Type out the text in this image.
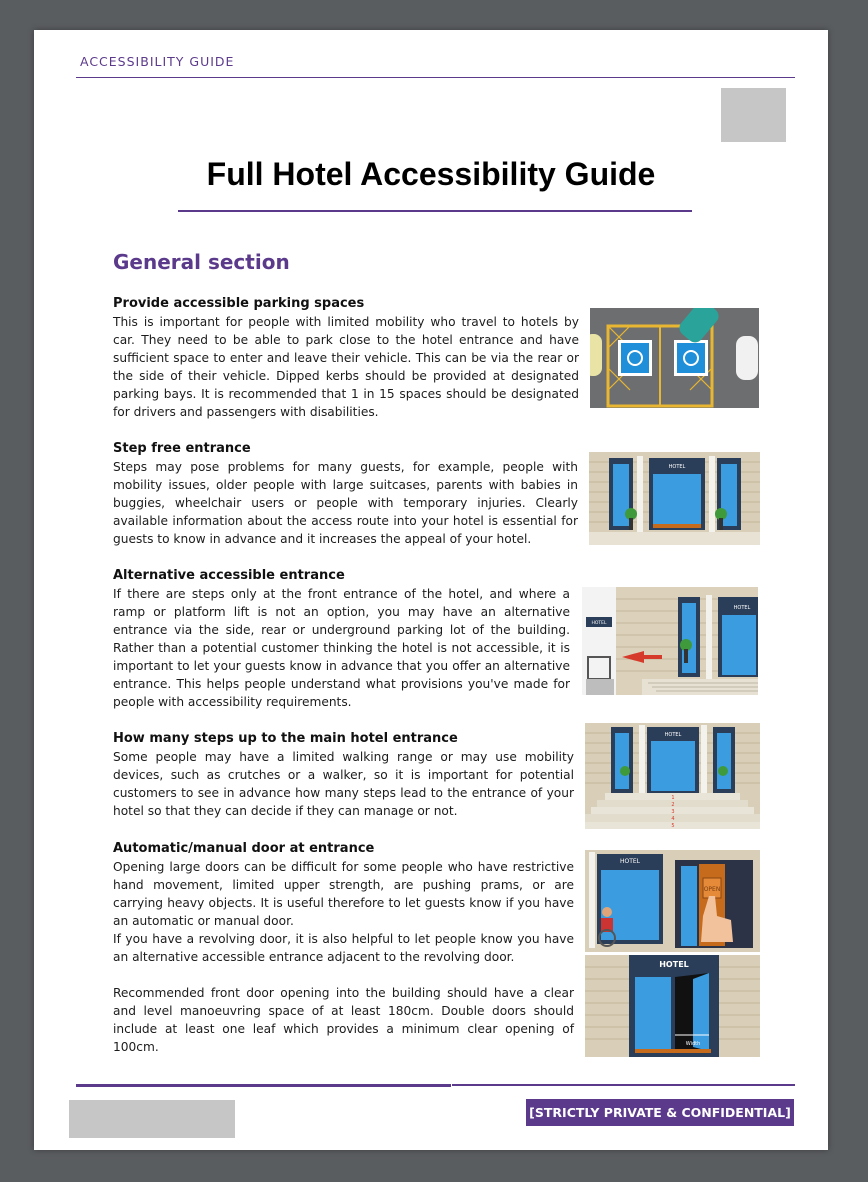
ACCESSIBILITY GUIDE
Full Hotel Accessibility Guide
General section
Provide accessible parking spaces

This is important for people with limited mobility who travel to hotels by car. They need to be able to park close to the hotel entrance and have sufficient space to enter and leave their vehicle. This can be via the rear or the side of their vehicle. Dipped kerbs should be provided at designated parking bays. It is recommended that 1 in 15 spaces should be designated for drivers and passengers with disabilities.

Step free entrance

Steps may pose problems for many guests, for example, people with mobility issues, older people with large suitcases, parents with babies in buggies, wheelchair users or people with temporary injuries. Clearly available information about the access route into your hotel is essential for guests to know in advance and it increases the appeal of your hotel.

Alternative accessible entrance

If there are steps only at the front entrance of the hotel, and where a ramp or platform lift is not an option, you may have an alternative entrance via the side, rear or underground parking lot of the building. Rather than a potential customer thinking the hotel is not accessible, it is important to let your guests know in advance that you offer an alternative entrance. This helps people understand what provisions you've made for people with accessibility requirements.

How many steps up to the main hotel entrance

Some people may have a limited walking range or may use mobility devices, such as crutches or a walker, so it is important for potential customers to see in advance how many steps lead to the entrance of your hotel so that they can decide if they can manage or not.

Automatic/manual door at entrance

Opening large doors can be difficult for some people who have restrictive hand movement, limited upper strength, are pushing prams, or are carrying heavy objects. It is useful therefore to let guests know if you have an automatic or manual door.

If you have a revolving door, it is also helpful to let people know you have an alternative accessible entrance adjacent to the revolving door.

Recommended front door opening into the building should have a clear and level manoeuvring space of at least 180cm. Double doors should include at least one leaf which provides a minimum clear opening of 100cm.

HOTEL
HOTEL
HOTEL
HOTEL
1
2
3
4
5
HOTEL
OPEN
HOTEL
Width
[STRICTLY PRIVATE & CONFIDENTIAL]
